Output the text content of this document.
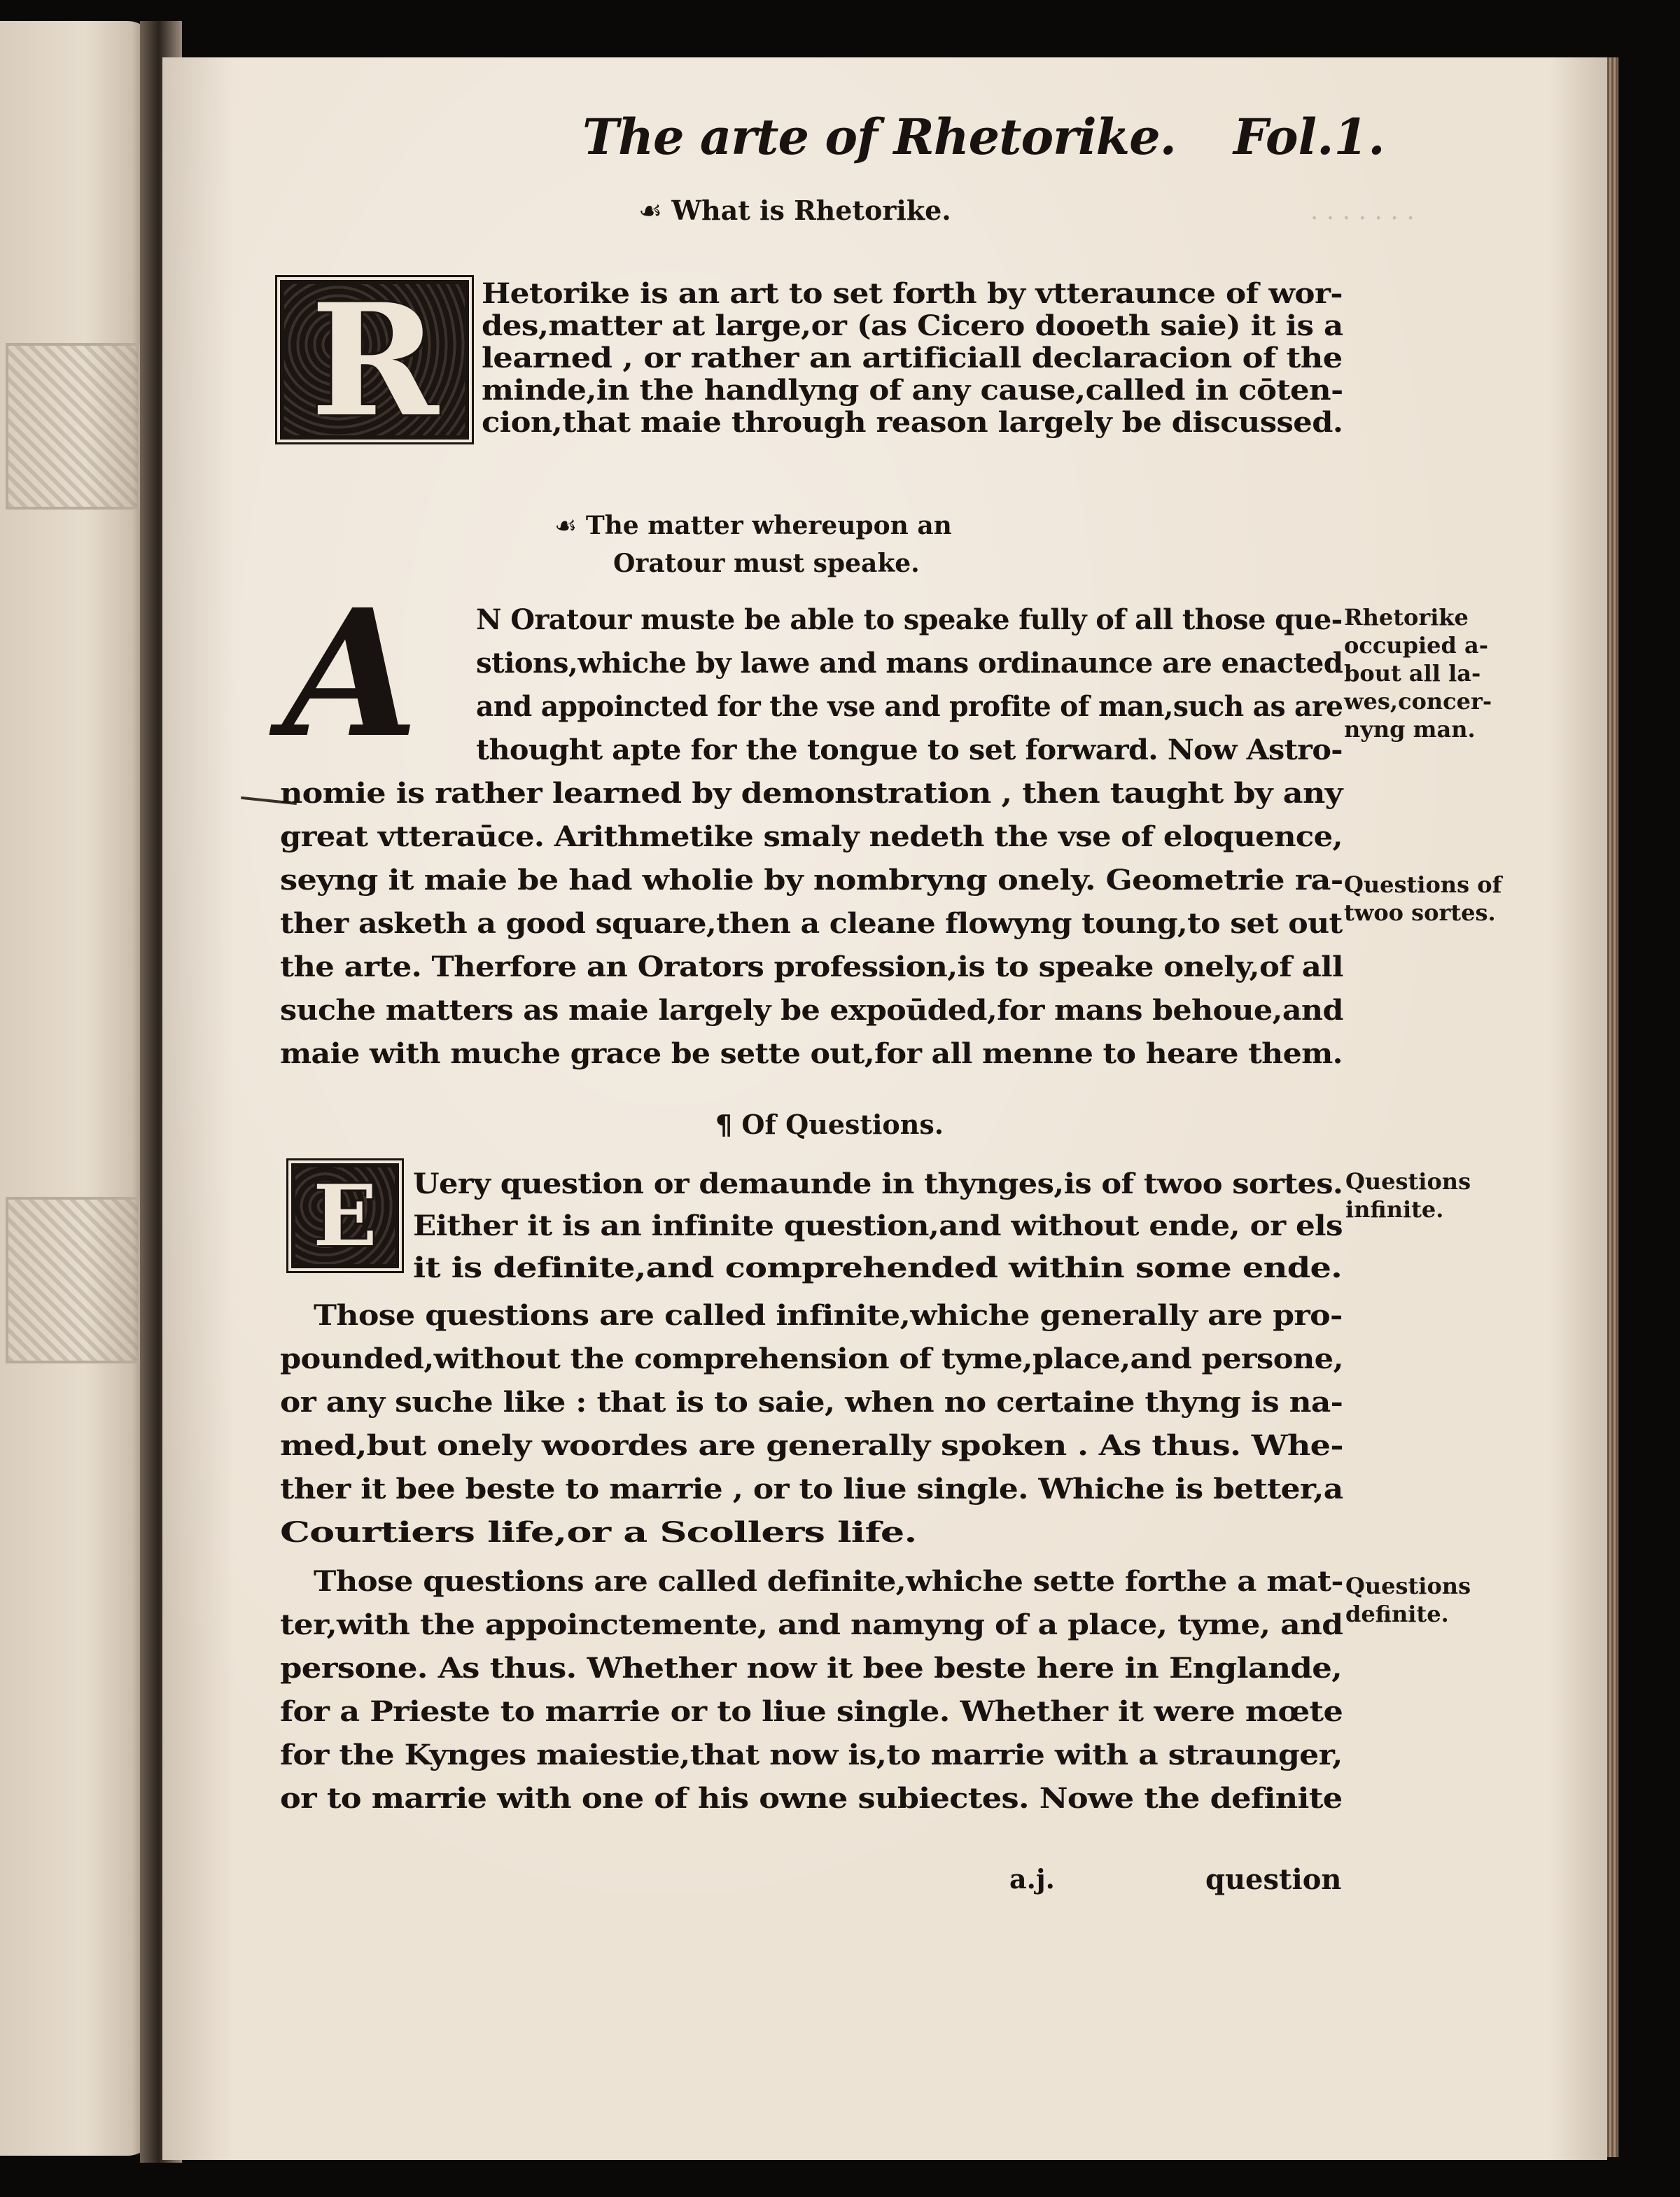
· · · · · · ·
The arte of Rhetorike. Fol.1.
☙ What is Rhetorike.
R Hetorike is an art to set forth by vtteraunce of wor-
des,matter at large,or (as Cicero dooeth saie) it is a
learned , or rather an artificiall declaracion of the
minde,in the handlyng of any cause,called in cōten-
cion,that maie through reason largely be discussed.
☙ The matter whereupon an
Oratour must speake.
A N Oratour muste be able to speake fully of all those que-
stions,whiche by lawe and mans ordinaunce are enacted
and appoincted for the vse and profite of man,such as are
thought apte for the tongue to set forward. Now Astro-
nomie is rather learned by demonstration , then taught by any
great vtteraūce. Arithmetike smaly nedeth the vse of eloquence,
seyng it maie be had wholie by nombryng onely. Geometrie ra-
ther asketh a good square,then a cleane flowyng toung,to set out
the arte. Therfore an Orators profession,is to speake onely,of all
suche matters as maie largely be expoūded,for mans behoue,and
maie with muche grace be sette out,for all menne to heare them.
¶ Of Questions.
E Uery question or demaunde in thynges,is of twoo sortes.
Either it is an infinite question,and without ende, or els
it is definite,and comprehended within some ende.
Those questions are called infinite,whiche generally are pro-
pounded,without the comprehension of tyme,place,and persone,
or any suche like : that is to saie, when no certaine thyng is na-
med,but onely woordes are generally spoken . As thus. Whe-
ther it bee beste to marrie , or to liue single. Whiche is better,a
Courtiers life,or a Scollers life.
Those questions are called definite,whiche sette forthe a mat-
ter,with the appoinctemente, and namyng of a place, tyme, and
persone. As thus. Whether now it bee beste here in Englande,
for a Prieste to marrie or to liue single. Whether it were mœte
for the Kynges maiestie,that now is,to marrie with a straunger,
or to marrie with one of his owne subiectes. Nowe the definite
a.j.	question
Rhetorike
occupied a-
bout all la-
wes,concer-
nyng man.
Questions of
twoo sortes.
Questions
infinite.
Questions
definite.
